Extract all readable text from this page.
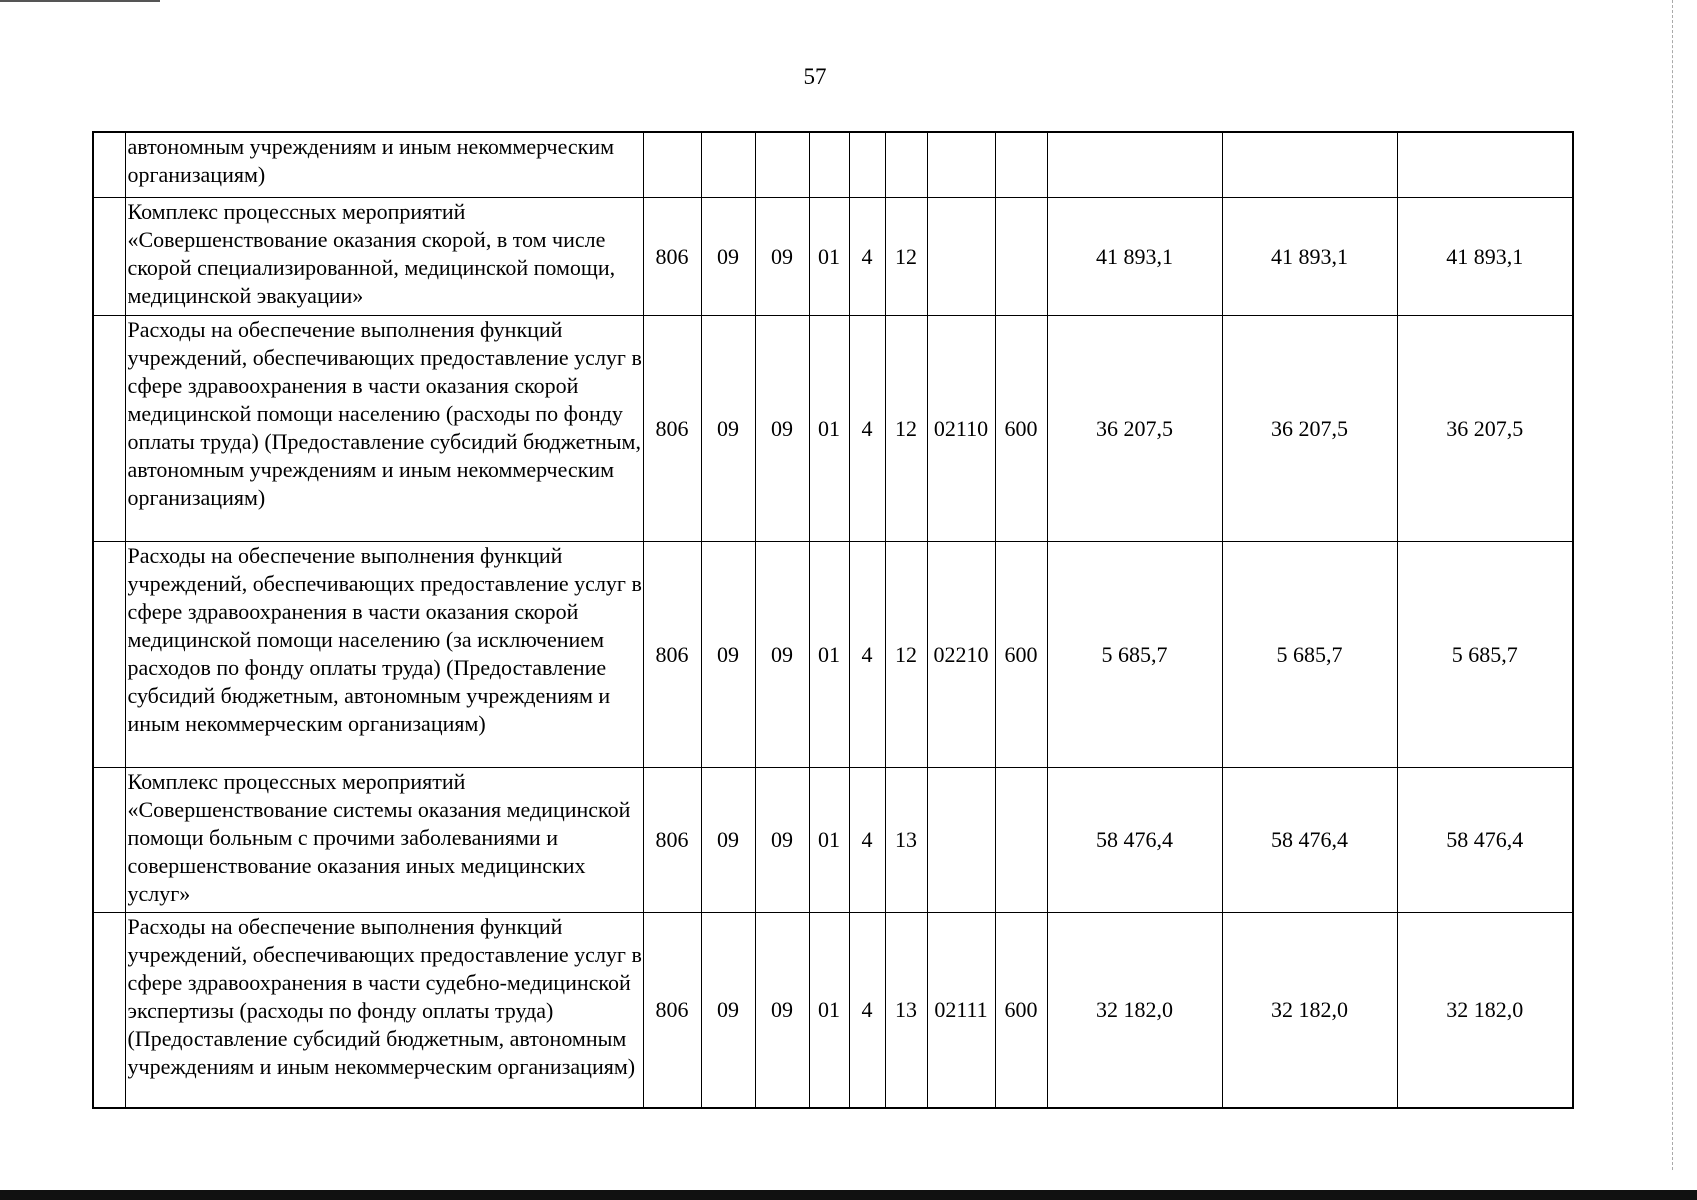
57
	автономным учреждениям и иным некоммерческим организациям)											
	Комплекс процессных мероприятий «Совершенствование оказания скорой, в том числе скорой специализированной, медицинской помощи, медицинской эвакуации»	806	09	09	01	4	12			41 893,1	41 893,1	41 893,1
	Расходы на обеспечение выполнения функций учреждений, обеспечивающих предоставление услуг в сфере здравоохранения в части оказания скорой медицинской помощи населению (расходы по фонду оплаты труда) (Предоставление субсидий бюджетным, автономным учреждениям и иным некоммерческим организациям)	806	09	09	01	4	12	02110	600	36 207,5	36 207,5	36 207,5
	Расходы на обеспечение выполнения функций учреждений, обеспечивающих предоставление услуг в сфере здравоохранения в части оказания скорой медицинской помощи населению (за исключением расходов по фонду оплаты труда) (Предоставление субсидий бюджетным, автономным учреждениям и иным некоммерческим организациям)	806	09	09	01	4	12	02210	600	5 685,7	5 685,7	5 685,7
	Комплекс процессных мероприятий «Совершенствование системы оказания медицинской помощи больным с прочими заболеваниями и совершенствование оказания иных медицинских услуг»	806	09	09	01	4	13			58 476,4	58 476,4	58 476,4
	Расходы на обеспечение выполнения функций учреждений, обеспечивающих предоставление услуг в сфере здравоохранения в части судебно-медицинской экспертизы (расходы по фонду оплаты труда) (Предоставление субсидий бюджетным, автономным учреждениям и иным некоммерческим организациям)	806	09	09	01	4	13	02111	600	32 182,0	32 182,0	32 182,0
